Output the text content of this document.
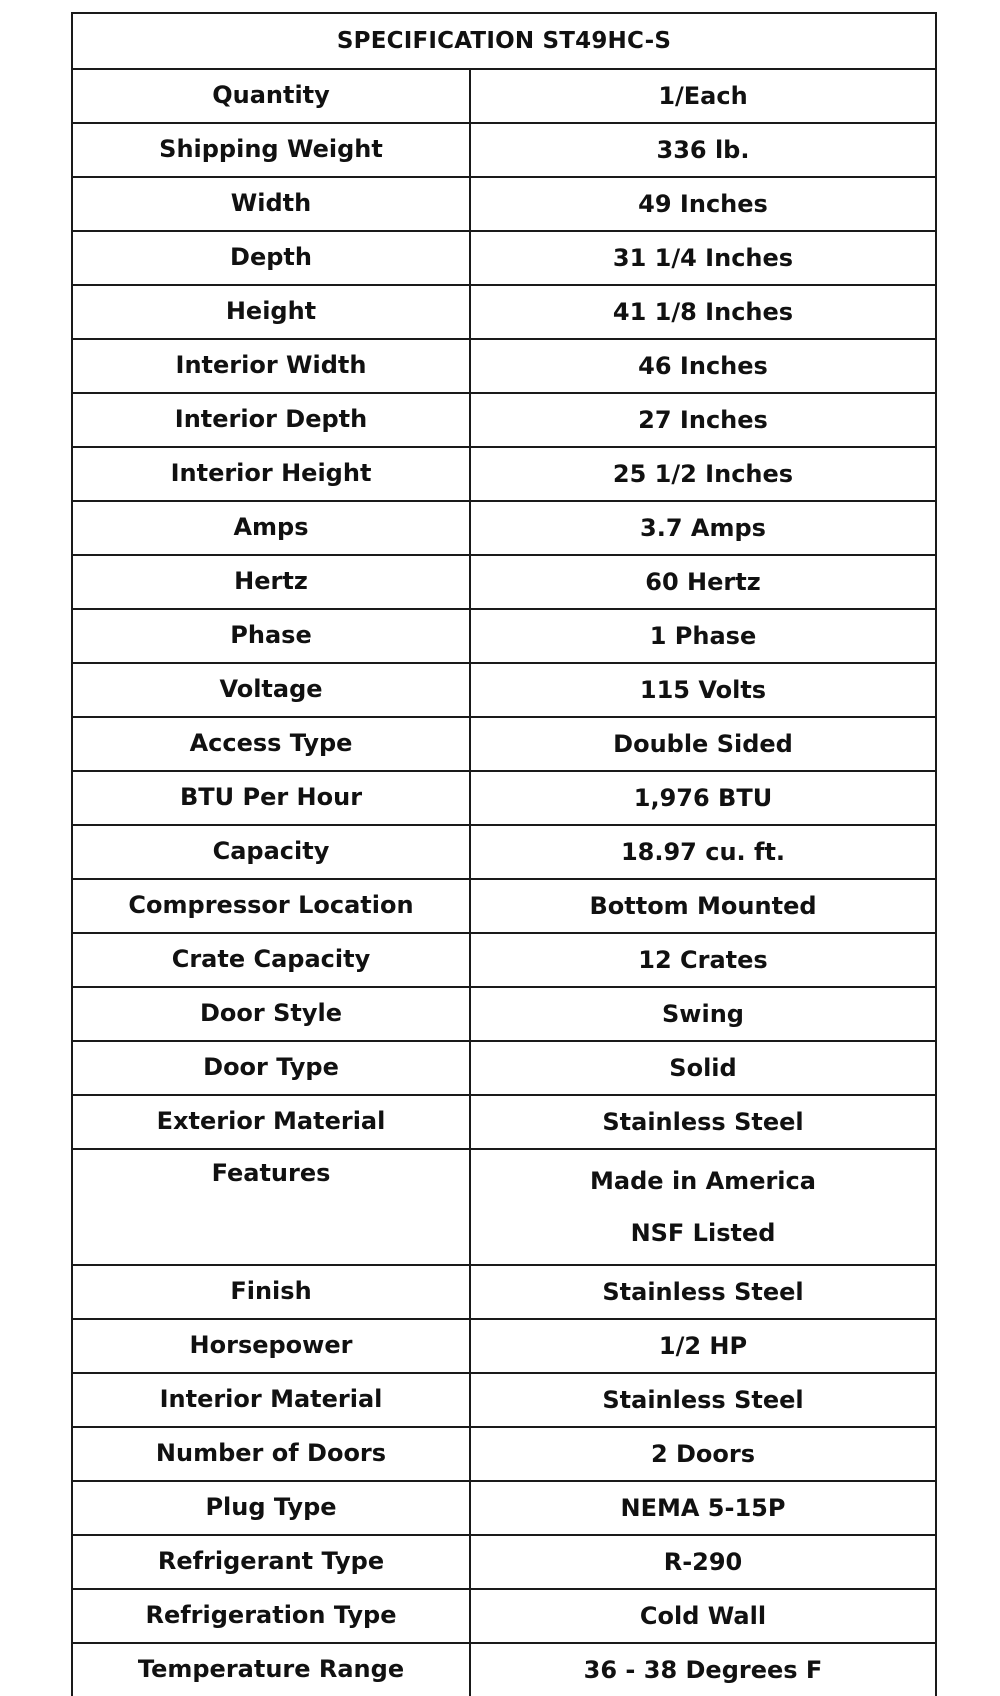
SPECIFICATION ST49HC-S	
Quantity	1/Each

Shipping Weight	336 lb.

Width	49 Inches

Depth	31 1/4 Inches

Height	41 1/8 Inches

Interior Width	46 Inches

Interior Depth	27 Inches

Interior Height	25 1/2 Inches

Amps	3.7 Amps

Hertz	60 Hertz

Phase	1 Phase

Voltage	115 Volts

Access Type	Double Sided

BTU Per Hour	1,976 BTU

Capacity	18.97 cu. ft.

Compressor Location	Bottom Mounted

Crate Capacity	12 Crates

Door Style	Swing

Door Type	Solid

Exterior Material	Stainless Steel

Features	Made in America
NSF Listed

Finish	Stainless Steel

Horsepower	1/2 HP

Interior Material	Stainless Steel

Number of Doors	2 Doors

Plug Type	NEMA 5-15P

Refrigerant Type	R-290

Refrigeration Type	Cold Wall

Temperature Range	36 - 38 Degrees F
